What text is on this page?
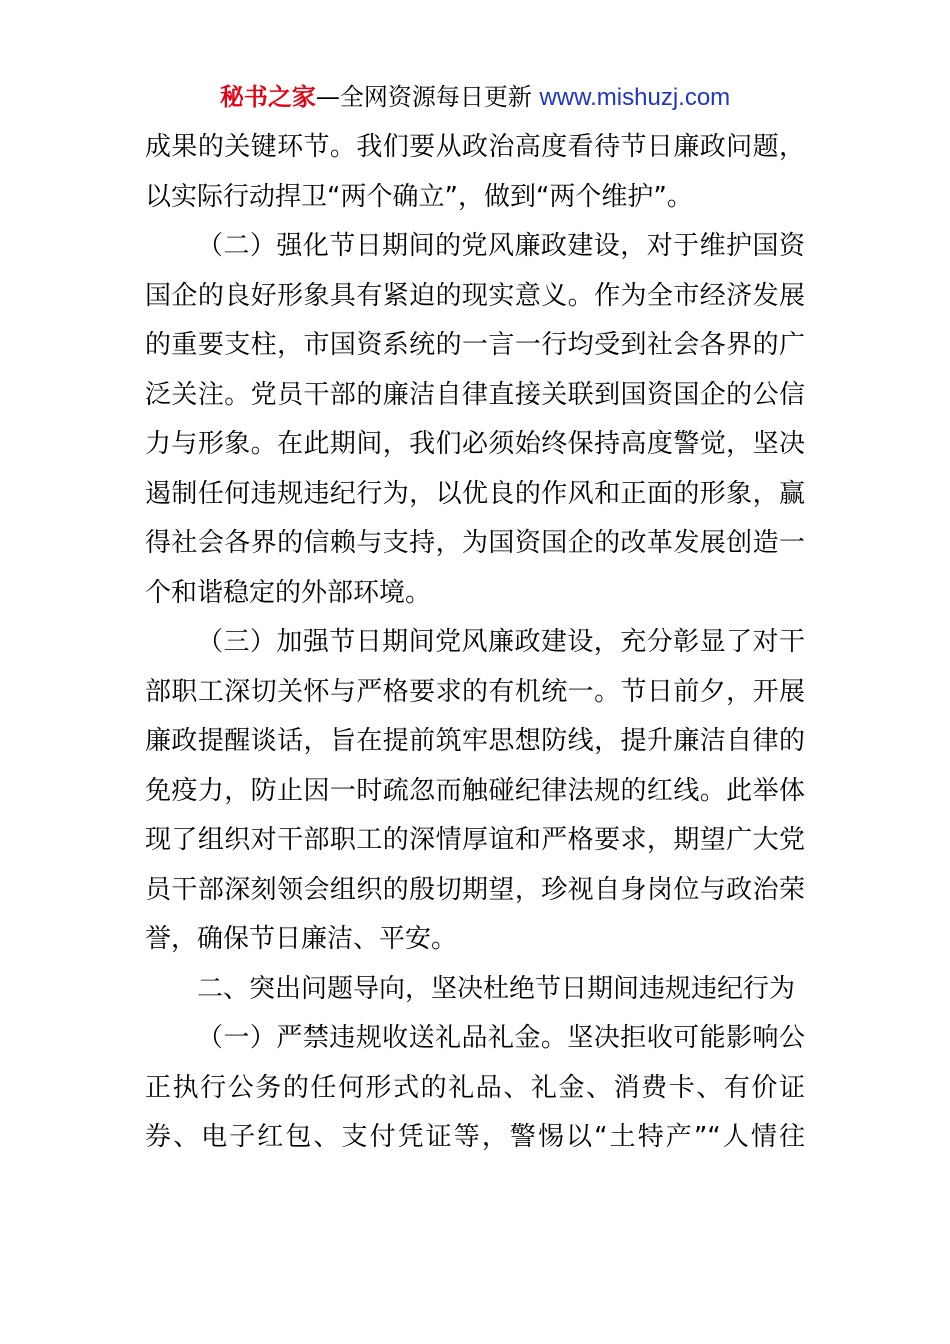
秘书之家—全网资源每日更新 www.mishuzj.com
成果的关键环节。我们要从政治高度看待节日廉政问题，
以实际行动捍卫“两个确立”，做到“两个维护”。
（二）强化节日期间的党风廉政建设，对于维护国资
国企的良好形象具有紧迫的现实意义。作为全市经济发展
的重要支柱，市国资系统的一言一行均受到社会各界的广
泛关注。党员干部的廉洁自律直接关联到国资国企的公信
力与形象。在此期间，我们必须始终保持高度警觉，坚决
遏制任何违规违纪行为，以优良的作风和正面的形象，赢
得社会各界的信赖与支持，为国资国企的改革发展创造一
个和谐稳定的外部环境。
（三）加强节日期间党风廉政建设，充分彰显了对干
部职工深切关怀与严格要求的有机统一。节日前夕，开展
廉政提醒谈话，旨在提前筑牢思想防线，提升廉洁自律的
免疫力，防止因一时疏忽而触碰纪律法规的红线。此举体
现了组织对干部职工的深情厚谊和严格要求，期望广大党
员干部深刻领会组织的殷切期望，珍视自身岗位与政治荣
誉，确保节日廉洁、平安。
二、突出问题导向，坚决杜绝节日期间违规违纪行为
（一）严禁违规收送礼品礼金。坚决拒收可能影响公
正执行公务的任何形式的礼品、礼金、消费卡、有价证
券、电子红包、支付凭证等，警惕以“土特产”“人情往
